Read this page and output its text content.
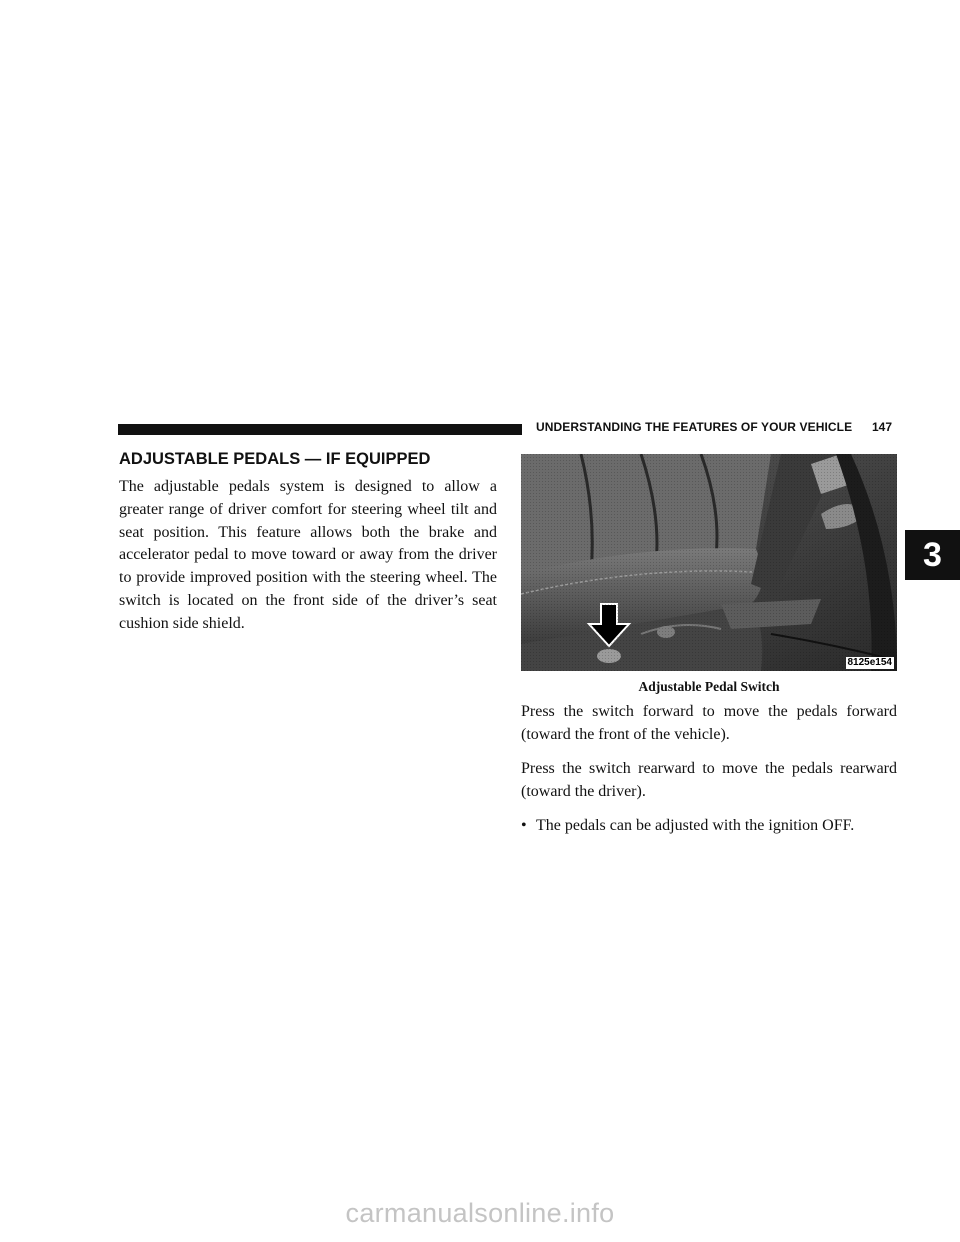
UNDERSTANDING THE FEATURES OF YOUR VEHICLE	147
3
ADJUSTABLE PEDALS — IF EQUIPPED

The adjustable pedals system is designed to allow a greater range of driver comfort for steering wheel tilt and seat position. This feature allows both the brake and accelerator pedal to move toward or away from the driver to provide improved position with the steering wheel. The switch is located on the front side of the driver’s seat cushion side shield.

8125e154
Adjustable Pedal Switch

Press the switch forward to move the pedals forward (toward the front of the vehicle).

Press the switch rearward to move the pedals rearward (toward the driver).

• The pedals can be adjusted with the ignition OFF.
carmanualsonline.info
